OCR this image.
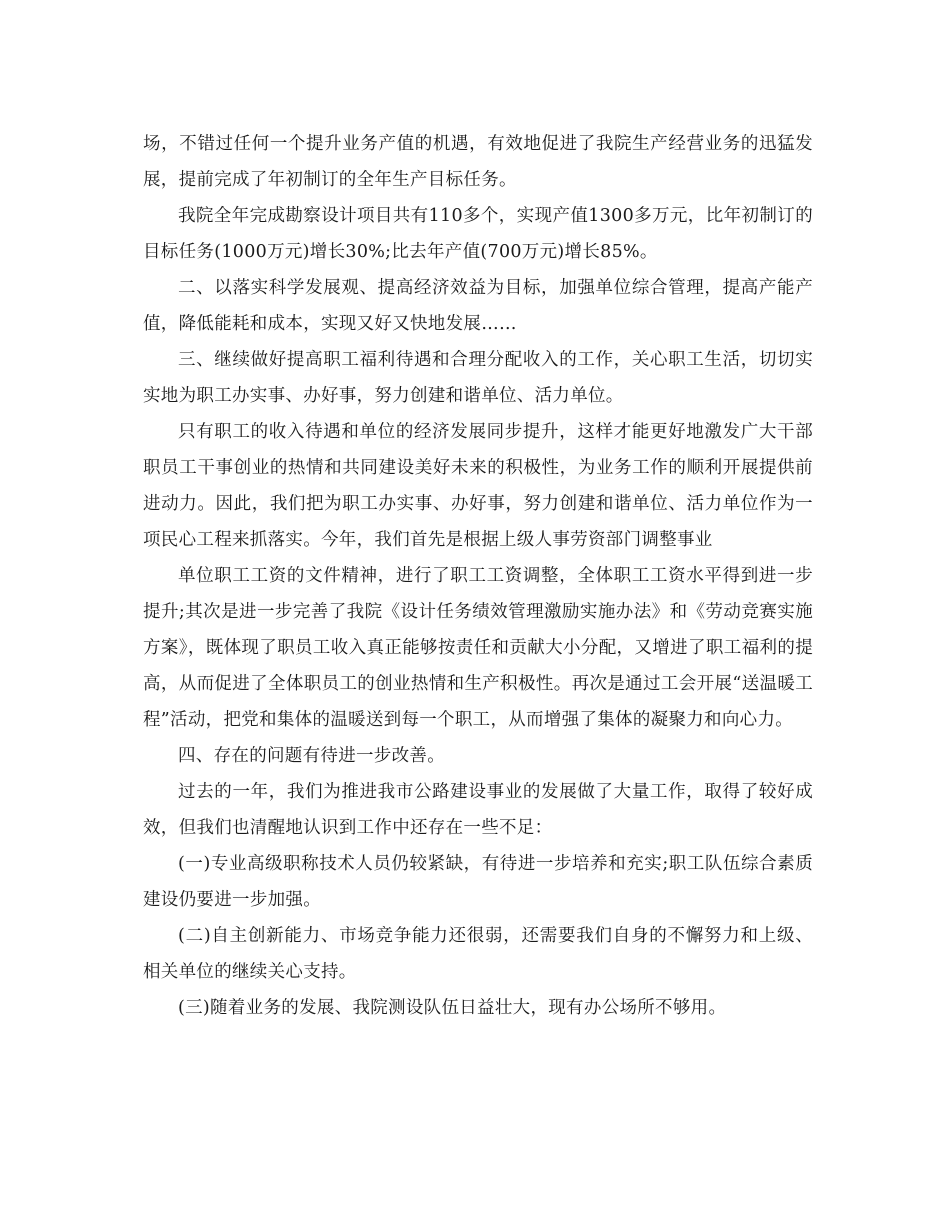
场，不错过任何一个提升业务产值的机遇，有效地促进了我院生产经营业务的迅猛发展，提前完成了年初制订的全年生产目标任务。

我院全年完成勘察设计项目共有110多个，实现产值1300多万元，比年初制订的目标任务(1000万元)增长30%;比去年产值(700万元)增长85%。

二、以落实科学发展观、提高经济效益为目标，加强单位综合管理，提高产能产值，降低能耗和成本，实现又好又快地发展……

三、继续做好提高职工福利待遇和合理分配收入的工作，关心职工生活，切切实实地为职工办实事、办好事，努力创建和谐单位、活力单位。

只有职工的收入待遇和单位的经济发展同步提升，这样才能更好地激发广大干部职员工干事创业的热情和共同建设美好未来的积极性，为业务工作的顺利开展提供前进动力。因此，我们把为职工办实事、办好事，努力创建和谐单位、活力单位作为一项民心工程来抓落实。今年，我们首先是根据上级人事劳资部门调整事业

单位职工工资的文件精神，进行了职工工资调整，全体职工工资水平得到进一步提升;其次是进一步完善了我院《设计任务绩效管理激励实施办法》和《劳动竞赛实施方案》，既体现了职员工收入真正能够按责任和贡献大小分配，又增进了职工福利的提高，从而促进了全体职员工的创业热情和生产积极性。再次是通过工会开展“送温暖工程”活动，把党和集体的温暖送到每一个职工，从而增强了集体的凝聚力和向心力。

四、存在的问题有待进一步改善。

过去的一年，我们为推进我市公路建设事业的发展做了大量工作，取得了较好成效，但我们也清醒地认识到工作中还存在一些不足：

(一)专业高级职称技术人员仍较紧缺，有待进一步培养和充实;职工队伍综合素质建设仍要进一步加强。

(二)自主创新能力、市场竞争能力还很弱，还需要我们自身的不懈努力和上级、相关单位的继续关心支持。

(三)随着业务的发展、我院测设队伍日益壮大，现有办公场所不够用。
